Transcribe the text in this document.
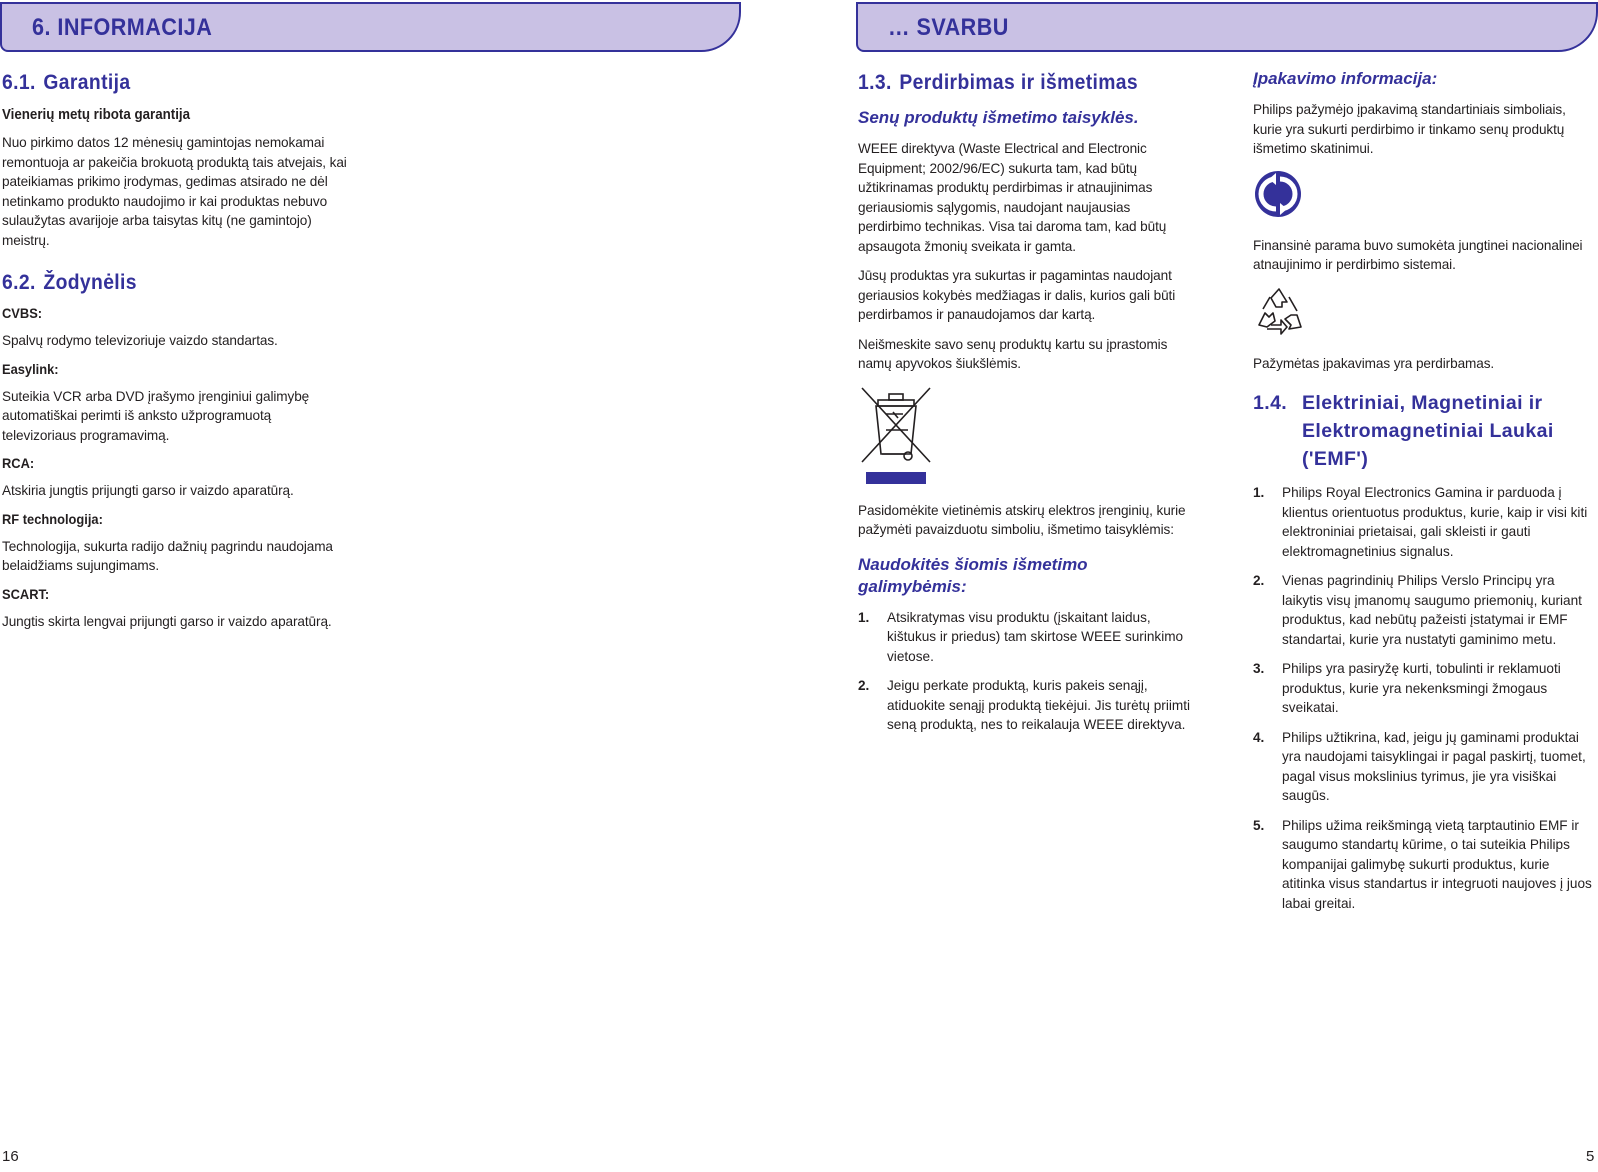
6. INFORMACIJA	… SVARBU
6.1. Garantija
Vienerių metų ribota garantija
Nuo pirkimo datos 12 mėnesių gamintojas nemokamai remontuoja ar pakeičia brokuotą produktą tais atvejais, kai pateikiamas prikimo įrodymas, gedimas atsirado ne dėl netinkamo produkto naudojimo ir kai produktas nebuvo sulaužytas avarijoje arba taisytas kitų (ne gamintojo) meistrų.
6.2. Žodynėlis
CVBS:
Spalvų rodymo televizoriuje vaizdo standartas.
Easylink:
Suteikia VCR arba DVD įrašymo įrenginiui galimybę automatiškai perimti iš anksto užprogramuotą televizoriaus programavimą.
RCA:
Atskiria jungtis prijungti garso ir vaizdo aparatūrą.
RF technologija:
Technologija, sukurta radijo dažnių pagrindu naudojama belaidžiams sujungimams.
SCART:
Jungtis skirta lengvai prijungti garso ir vaizdo aparatūrą.
1.3. Perdirbimas ir išmetimas
Senų produktų išmetimo taisyklės.
WEEE direktyva (Waste Electrical and Electronic Equipment; 2002/96/EC) sukurta tam, kad būtų užtikrinamas produktų perdirbimas ir atnaujinimas geriausiomis sąlygomis, naudojant naujausias perdirbimo technikas. Visa tai daroma tam, kad būtų apsaugota žmonių sveikata ir gamta.
Jūsų produktas yra sukurtas ir pagamintas naudojant geriausios kokybės medžiagas ir dalis, kurios gali būti perdirbamos ir panaudojamos dar kartą.
Neišmeskite savo senų produktų kartu su įprastomis namų apyvokos šiukšlėmis.
Pasidomėkite vietinėmis atskirų elektros įrenginių, kurie pažymėti pavaizduotu simboliu, išmetimo taisyklėmis:
Naudokitės šiomis išmetimo galimybėmis:
1. Atsikratymas visu produktu (įskaitant laidus, kištukus ir priedus) tam skirtose WEEE surinkimo vietose.
2. Jeigu perkate produktą, kuris pakeis senąjį, atiduokite senąjį produktą tiekėjui. Jis turėtų priimti seną produktą, nes to reikalauja WEEE direktyva.
Įpakavimo informacija:
Philips pažymėjo įpakavimą standartiniais simboliais, kurie yra sukurti perdirbimo ir tinkamo senų produktų išmetimo skatinimui.
Finansinė parama buvo sumokėta jungtinei nacionalinei atnaujinimo ir perdirbimo sistemai.
Pažymėtas įpakavimas yra perdirbamas.
1.4. Elektriniai, Magnetiniai ir Elektromagnetiniai Laukai ('EMF')
1. Philips Royal Electronics Gamina ir parduoda į klientus orientuotus produktus, kurie, kaip ir visi kiti elektroniniai prietaisai, gali skleisti ir gauti elektromagnetinius signalus.
2. Vienas pagrindinių Philips Verslo Principų yra laikytis visų įmanomų saugumo priemonių, kuriant produktus, kad nebūtų pažeisti įstatymai ir EMF standartai, kurie yra nustatyti gaminimo metu.
3. Philips yra pasiryžę kurti, tobulinti ir reklamuoti produktus, kurie yra nekenksmingi žmogaus sveikatai.
4. Philips užtikrina, kad, jeigu jų gaminami produktai yra naudojami taisyklingai ir pagal paskirtį, tuomet, pagal visus mokslinius tyrimus, jie yra visiškai saugūs.
5. Philips užima reikšmingą vietą tarptautinio EMF ir saugumo standartų kūrime, o tai suteikia Philips kompanijai galimybę sukurti produktus, kurie atitinka visus standartus ir integruoti naujoves į juos labai greitai.
16	5
